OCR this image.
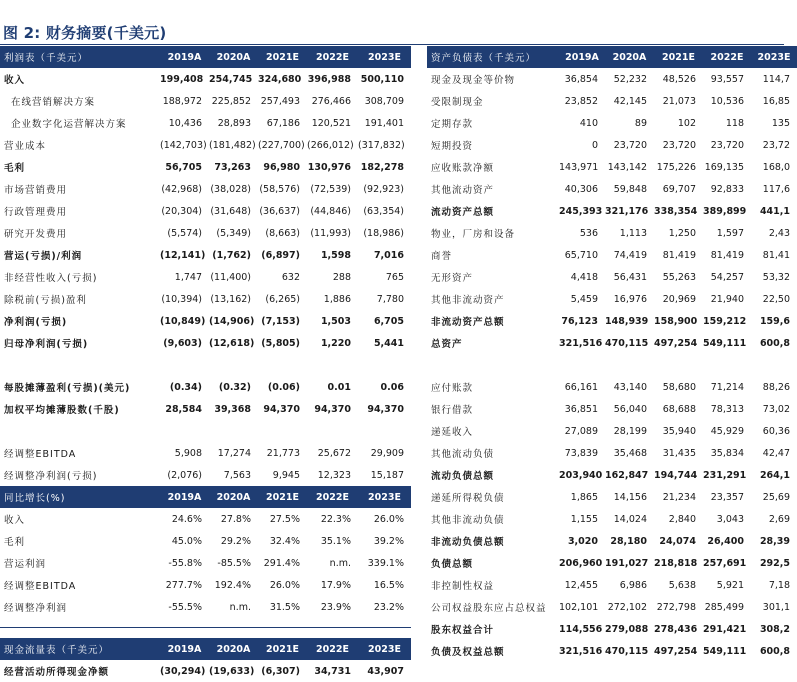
图 2: 财务摘要(千美元)
利润表（千美元）	2019A	2020A	2021E	2022E	2023E
收入	199,408	254,745	324,680	396,988	500,110
在线营销解决方案	188,972	225,852	257,493	276,466	308,709
企业数字化运营解决方案	10,436	28,893	67,186	120,521	191,401
营业成本	(142,703)	(181,482)	(227,700)	(266,012)	(317,832)
毛利	56,705	73,263	96,980	130,976	182,278
市场营销费用	(42,968)	(38,028)	(58,576)	(72,539)	(92,923)
行政管理费用	(20,304)	(31,648)	(36,637)	(44,846)	(63,354)
研究开发费用	(5,574)	(5,349)	(8,663)	(11,993)	(18,986)
营运(亏损)/利润	(12,141)	(1,762)	(6,897)	1,598	7,016
非经营性收入(亏损)	1,747	(11,400)	632	288	765
除税前(亏损)盈利	(10,394)	(13,162)	(6,265)	1,886	7,780
净利润(亏损)	(10,849)	(14,906)	(7,153)	1,503	6,705
归母净利润(亏损)	(9,603)	(12,618)	(5,805)	1,220	5,441

每股摊薄盈利(亏损)(美元)	(0.34)	(0.32)	(0.06)	0.01	0.06
加权平均摊薄股数(千股)	28,584	39,368	94,370	94,370	94,370

经调整EBITDA	5,908	17,274	21,773	25,672	29,909
经调整净利润(亏损)	(2,076)	7,563	9,945	12,323	15,187
同比增长(%)	2019A	2020A	2021E	2022E	2023E
收入	24.6%	27.8%	27.5%	22.3%	26.0%
毛利	45.0%	29.2%	32.4%	35.1%	39.2%
营运利润	-55.8%	-85.5%	291.4%	n.m.	339.1%
经调整EBITDA	277.7%	192.4%	26.0%	17.9%	16.5%
经调整净利润	-55.5%	n.m.	31.5%	23.9%	23.2%
现金流量表（千美元）	2019A	2020A	2021E	2022E	2023E
经营活动所得现金净额	(30,294)	(19,633)	(6,307)	34,731	43,907
资产负债表（千美元）	2019A	2020A	2021E	2022E	2023E
现金及现金等价物	36,854	52,232	48,526	93,557	114,7
受限制现金	23,852	42,145	21,073	10,536	16,85
定期存款	410	89	102	118	135
短期投资	0	23,720	23,720	23,720	23,72
应收账款净额	143,971	143,142	175,226	169,135	168,0
其他流动资产	40,306	59,848	69,707	92,833	117,6
流动资产总额	245,393	321,176	338,354	389,899	441,1
物业，厂房和设备	536	1,113	1,250	1,597	2,43
商誉	65,710	74,419	81,419	81,419	81,41
无形资产	4,418	56,431	55,263	54,257	53,32
其他非流动资产	5,459	16,976	20,969	21,940	22,50
非流动资产总额	76,123	148,939	158,900	159,212	159,6
总资产	321,516	470,115	497,254	549,111	600,8

应付账款	66,161	43,140	58,680	71,214	88,26
银行借款	36,851	56,040	68,688	78,313	73,02
递延收入	27,089	28,199	35,940	45,929	60,36
其他流动负债	73,839	35,468	31,435	35,834	42,47
流动负债总额	203,940	162,847	194,744	231,291	264,1
递延所得税负债	1,865	14,156	21,234	23,357	25,69
其他非流动负债	1,155	14,024	2,840	3,043	2,69
非流动负债总额	3,020	28,180	24,074	26,400	28,39
负债总额	206,960	191,027	218,818	257,691	292,5
非控制性权益	12,455	6,986	5,638	5,921	7,18
公司权益股东应占总权益	102,101	272,102	272,798	285,499	301,1
股东权益合计	114,556	279,088	278,436	291,421	308,2
负债及权益总额	321,516	470,115	497,254	549,111	600,8
